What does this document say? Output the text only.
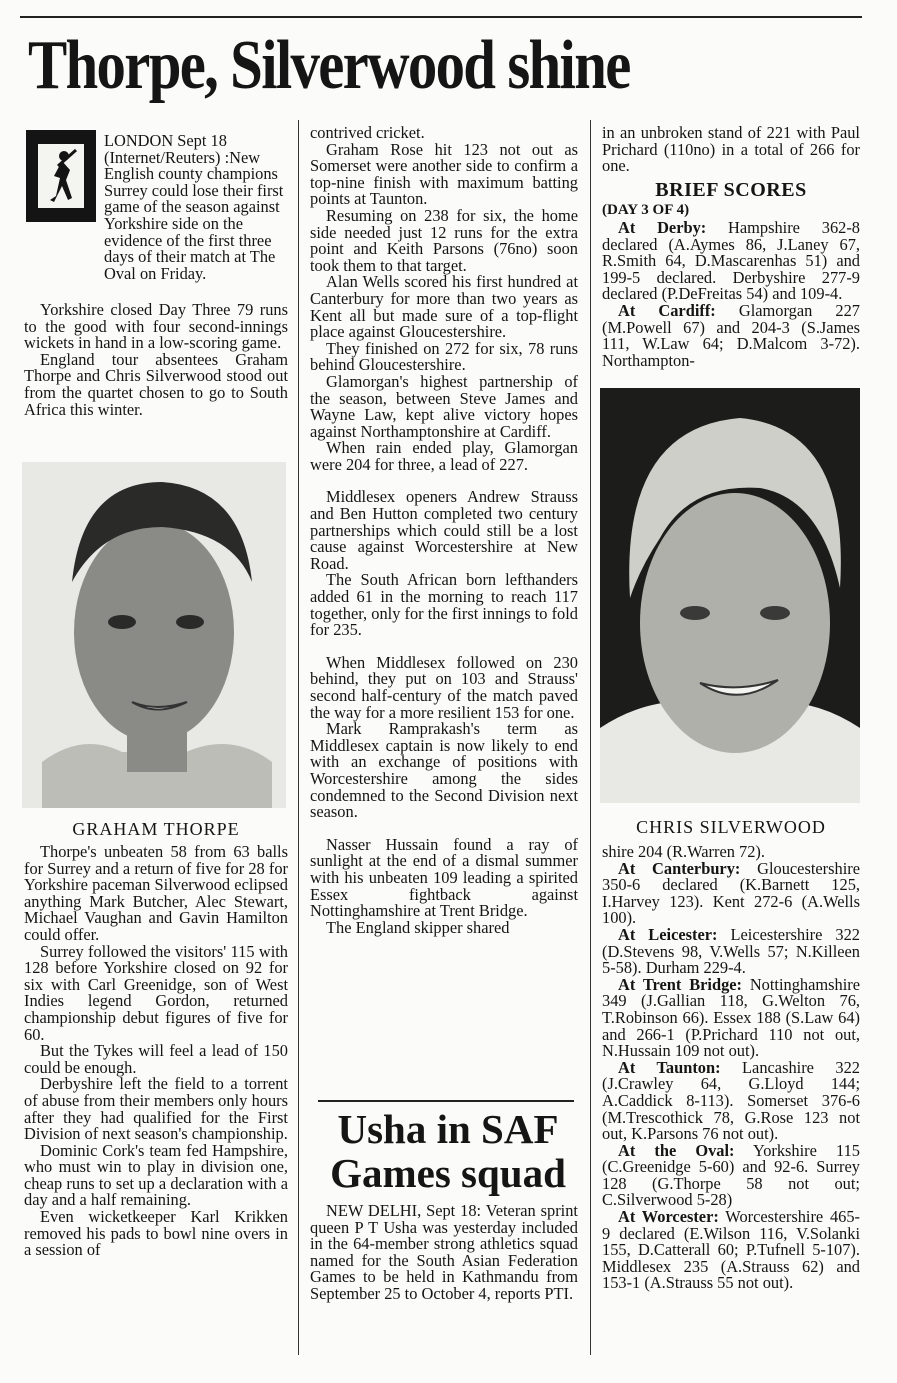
Thorpe, Silverwood shine

LONDON Sept 18 (Internet/Reuters) :New English county champions Surrey could lose their first game of the season against Yorkshire side on the evidence of the first three days of their match at The Oval on Friday.

Yorkshire closed Day Three 79 runs to the good with four second-innings wickets in hand in a low-scoring game.

England tour absentees Graham Thorpe and Chris Silverwood stood out from the quartet chosen to go to South Africa this winter.

GRAHAM THORPE

Thorpe's unbeaten 58 from 63 balls for Surrey and a return of five for 28 for Yorkshire paceman Silverwood eclipsed anything Mark Butcher, Alec Stewart, Michael Vaughan and Gavin Hamilton could offer.

Surrey followed the visitors' 115 with 128 before Yorkshire closed on 92 for six with Carl Greenidge, son of West Indies legend Gordon, returned championship debut figures of five for 60.

But the Tykes will feel a lead of 150 could be enough.

Derbyshire left the field to a torrent of abuse from their members only hours after they had qualified for the First Division of next season's championship.

Dominic Cork's team fed Hampshire, who must win to play in division one, cheap runs to set up a declaration with a day and a half remaining.

Even wicketkeeper Karl Krikken removed his pads to bowl nine overs in a session of

contrived cricket.

Graham Rose hit 123 not out as Somerset were another side to confirm a top-nine finish with maximum batting points at Taunton.

Resuming on 238 for six, the home side needed just 12 runs for the extra point and Keith Parsons (76no) soon took them to that target.

Alan Wells scored his first hundred at Canterbury for more than two years as Kent all but made sure of a top-flight place against Gloucestershire.

They finished on 272 for six, 78 runs behind Gloucestershire.

Glamorgan's highest partnership of the season, between Steve James and Wayne Law, kept alive victory hopes against Northamptonshire at Cardiff.

When rain ended play, Glamorgan were 204 for three, a lead of 227.

Middlesex openers Andrew Strauss and Ben Hutton completed two century partnerships which could still be a lost cause against Worcestershire at New Road.

The South African born lefthanders added 61 in the morning to reach 117 together, only for the first innings to fold for 235.

When Middlesex followed on 230 behind, they put on 103 and Strauss' second half-century of the match paved the way for a more resilient 153 for one.

Mark Ramprakash's term as Middlesex captain is now likely to end with an exchange of positions with Worcestershire among the sides condemned to the Second Division next season.

Nasser Hussain found a ray of sunlight at the end of a dismal summer with his unbeaten 109 leading a spirited Essex fightback against Nottinghamshire at Trent Bridge.

The England skipper shared

Usha in SAF
Games squad

NEW DELHI, Sept 18: Veteran sprint queen P T Usha was yesterday included in the 64-member strong athletics squad named for the South Asian Federation Games to be held in Kathmandu from September 25 to October 4, reports PTI.

in an unbroken stand of 221 with Paul Prichard (110no) in a total of 266 for one.

BRIEF SCORES
(DAY 3 OF 4)

At Derby: Hampshire 362-8 declared (A.Aymes 86, J.Laney 67, R.Smith 64, D.Mascarenhas 51) and 199-5 declared. Derbyshire 277-9 declared (P.DeFreitas 54) and 109-4.

At Cardiff: Glamorgan 227 (M.Powell 67) and 204-3 (S.James 111, W.Law 64; D.Malcom 3-72). Northampton-

CHRIS SILVERWOOD

shire 204 (R.Warren 72).

At Canterbury: Gloucestershire 350-6 declared (K.Barnett 125, I.Harvey 123). Kent 272-6 (A.Wells 100).

At Leicester: Leicestershire 322 (D.Stevens 98, V.Wells 57; N.Killeen 5-58). Durham 229-4.

At Trent Bridge: Nottinghamshire 349 (J.Gallian 118, G.Welton 76, T.Robinson 66). Essex 188 (S.Law 64) and 266-1 (P.Prichard 110 not out, N.Hussain 109 not out).

At Taunton: Lancashire 322 (J.Crawley 64, G.Lloyd 144; A.Caddick 8-113). Somerset 376-6 (M.Trescothick 78, G.Rose 123 not out, K.Parsons 76 not out).

At the Oval: Yorkshire 115 (C.Greenidge 5-60) and 92-6. Surrey 128 (G.Thorpe 58 not out; C.Silverwood 5-28)

At Worcester: Worcestershire 465-9 declared (E.Wilson 116, V.Solanki 155, D.Catterall 60; P.Tufnell 5-107). Middlesex 235 (A.Strauss 62) and 153-1 (A.Strauss 55 not out).
